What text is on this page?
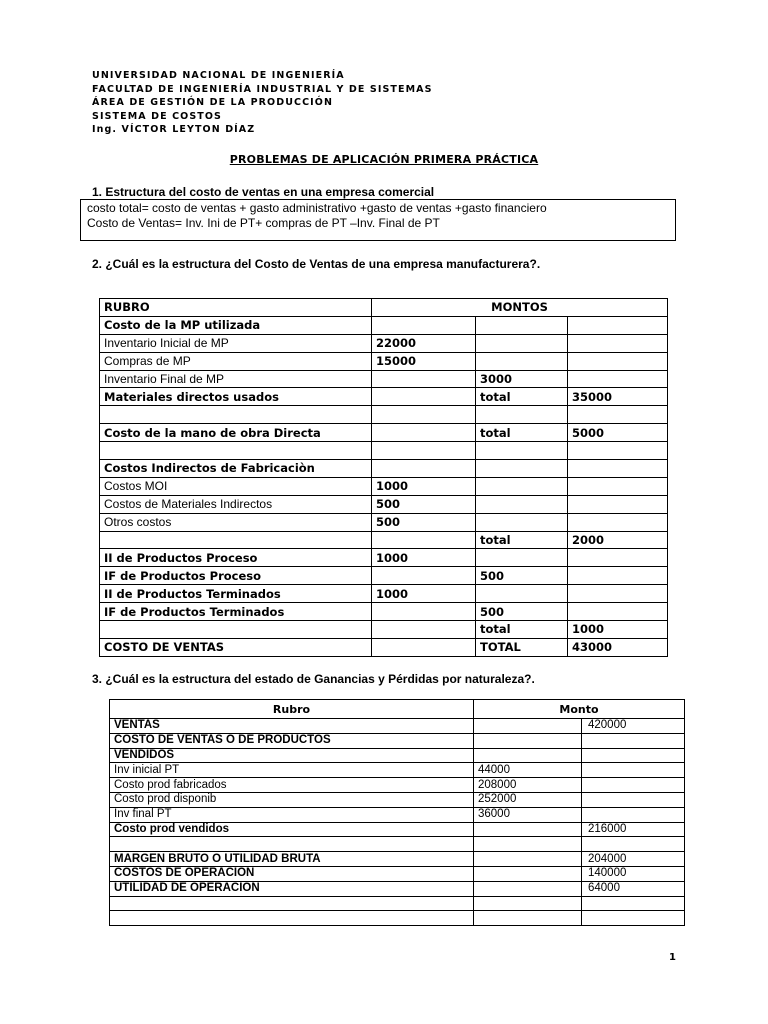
UNIVERSIDAD NACIONAL DE INGENIERÍA
FACULTAD DE INGENIERÍA INDUSTRIAL Y DE SISTEMAS
ÁREA DE GESTIÓN DE LA PRODUCCIÓN
SISTEMA DE COSTOS
Ing. VÍCTOR LEYTON DÍAZ
PROBLEMAS DE APLICACIÓN PRIMERA PRÁCTICA
1. Estructura del costo de ventas en una empresa comercial
costo total= costo de ventas + gasto administrativo +gasto de ventas +gasto financiero
Costo de Ventas= Inv. Ini de PT+ compras de PT –Inv. Final de PT
2. ¿Cuál es la estructura del Costo de Ventas de una empresa manufacturera?.
RUBRO	MONTOS		
Costo de la MP utilizada			
Inventario Inicial de MP	22000		
Compras de MP	15000		
Inventario Final de MP		3000	
Materiales directos usados		total	35000

Costo de la mano de obra Directa		total	5000

Costos Indirectos de Fabricaciòn			
Costos MOI	1000		
Costos de Materiales Indirectos	500		
Otros costos	500		
		total	2000
II de Productos Proceso	1000		
IF de Productos Proceso		500	
II de Productos Terminados	1000		
IF de Productos Terminados		500	
		total	1000
COSTO DE VENTAS		TOTAL	43000
3. ¿Cuál es la estructura del estado de Ganancias y Pérdidas por naturaleza?.
Rubro	Monto	
VENTAS		420000
COSTO DE VENTAS O DE PRODUCTOS		
VENDIDOS		
Inv inicial PT	44000	
Costo prod fabricados	208000	
Costo prod disponib	252000	
Inv final PT	36000	
Costo prod vendidos		216000

MARGEN BRUTO O UTILIDAD BRUTA		204000
COSTOS DE OPERACION		140000
UTILIDAD DE OPERACION		64000

1
